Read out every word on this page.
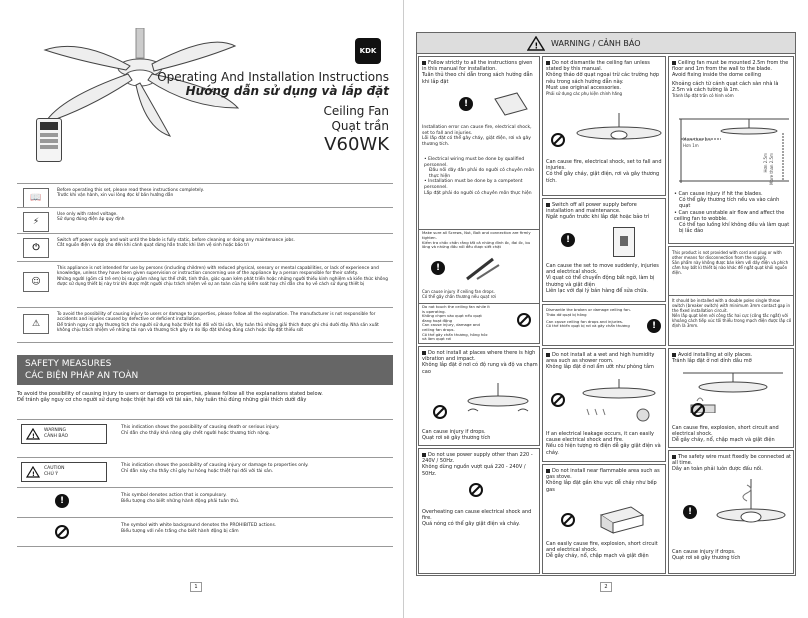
KDK
Operating And Installation Instructions
Hướng dẫn sử dụng và lắp đặt
Ceiling Fan
Quạt trần
V60WK
📖
Before operating this set, please read these instructions completely.
Trước khi vận hành, xin vui lòng đọc kĩ bản hướng dẫn
⚡
Use only with rated voltage.
Sử dụng đúng điện áp quy định
⏻
Switch off power supply and wait until the blade is fully static, before cleaning or doing any maintenance jobs.
Cắt nguồn điện và đợi cho đến khi cánh quạt dừng hẳn trước khi làm vệ sinh hoặc bảo trì
☺
This appliance is not intended for use by persons (including children) with reduced physical, sensory or mental capabilities, or lack of experience and knowledge, unless they have been given supervision or instruction concerning use of the appliance by a person responsible for their safety.
Những người (gồm cả trẻ em) bị suy giảm năng lực thể chất, tinh thần, giác quan kém phát triển hoặc những người thiếu kinh nghiệm và kiến thức không được sử dụng thiết bị này trừ khi được một người chịu trách nhiệm về sự an toàn của họ kiểm soát hay chỉ dẫn cho họ về cách sử dụng thiết bị
⚠
To avoid the possibility of causing injury to users or damage to properties, please follow all the explanation. The manufacturer is not responsible for accidents and injuries caused by defective or deficient installation.
Để tránh ngay cơ gây thương tích cho người sử dụng hoặc thiệt hại đối với tài sản, hãy tuân thủ những giải thích được ghi chú dưới đây. Nhà sản xuất không chịu trách nhiệm về những tai nạn và thương tích gây ra do lắp đặt không đúng cách hoặc lắp đặt thiếu sót
SAFETY MEASURES
CÁC BIỆN PHÁP AN TOÀN
To avoid the possibility of causing injury to users or damage to properties, please follow all the explanations stated below.
Để tránh gây nguy cơ cho người sử dụng hoặc thiệt hại đối với tài sản, hãy tuân thủ đúng những giải thích dưới đây
!
WARNING
CẢNH BÁO
This indication shows the possibility of causing death or serious injury.
Chỉ dẫn cho thấy khả năng gây chết người hoặc thương tích nặng.
!
CAUTION
CHÚ Ý
This indication shows the possibility of causing injury or damage to properties only.
Chỉ dẫn này cho thấy chỉ gây hư hỏng hoặc thiệt hại đối với tài sản.
!
This symbol denotes action that is compulsory.
Biểu tượng cho biết những hành động phải tuân thủ.
The symbol with white background denotes the PROHIBITED actions.
Biểu tượng với nền trắng cho biết hành động bị cấm
1
! WARNING / CẢNH BÁO
Follow strictly to all the instructions given in this manual for installation.
Tuân thủ theo chỉ dẫn trong sách hướng dẫn khi lắp đặt
!
Installation error can cause fire, electrical shock, set to fall and injuries.
Lỗi lắp đặt có thể gây cháy, giật điện, rơi và gây thương tích.
• Electrical wiring must be done by qualified personnel.
Đấu nối dây dẫn phải do người có chuyên môn thực hiện
• Installation must be done by a competent personnel.
Lắp đặt phải do người có chuyên môn thực hiện
Make sure all Screws, Nut, Bolt and connection are firmly tighten.
Kiểm tra chắc chắn rằng tất cả những đinh ốc, đai ốc, bu lông và những đầu nối đều được siết chặt
!
Can cause injury if ceiling fan drops.
Có thể gây chấn thương nếu quạt rơi
Do not touch the ceiling fan while it is operating.
Không chạm vào quạt nếu quạt đang hoạt động
Can cause injury, damage and ceiling fan drops.
Có thể gây chấn thương, hỏng hóc và làm quạt rơi
Do not install at places where there is high vibration and impact.
Không lắp đặt ở nơi có độ rung và độ va chạm cao
Can cause injury if drops.
Quạt rơi sẽ gây thương tích
Do not use power supply other than 220 - 240V / 50Hz.
Không dùng nguồn vượt quá 220 - 240V / 50Hz.
Overheating can cause electrical shock and fire.
Quá nóng có thể gây giật điện và cháy.
Do not dismantle the ceiling fan unless stated by this manual.
Không tháo dỡ quạt ngoại trừ các trường hợp nêu trong sách hướng dẫn này.
Must use original accessories.
Phải sử dụng các phụ kiện chính hãng
Can cause fire, electrical shock, set to fall and injuries.
Có thể gây cháy, giật điện, rơi và gây thương tích.
Switch off all power supply before installation and maintenance.
Ngắt nguồn trước khi lắp đặt hoặc bảo trì
!
Can cause the set to move suddenly, injuries and electrical shock.
Vì quạt có thể chuyển động bất ngờ, làm bị thương và giật điện
Liên lạc với đại lý bán hàng để sửa chữa.
Dismantle the broken or damage ceiling fan.
Tháo dỡ quạt bị hỏng
Can cause ceiling fan drops and injuries.
Có thể khiến quạt bị rơi và gây chấn thương	!
Do not install at a wet and high humidity area such as shower room.
Không lắp đặt ở nơi ẩm ướt như phòng tắm
If an electrical leakage occurs, it can easily cause electrical shock and fire.
Nếu có hiện tượng rò điện dễ gây giật điện và cháy.
Do not install near flammable area such as gas stove.
Không lắp đặt gần khu vực dễ cháy như bếp gas
Can easily cause fire, explosion, short circuit and electrical shock.
Dễ gây cháy, nổ, chập mạch và giật điện
Ceiling fan must be mounted 2.5m from the floor and 1m from the wall to the blade.
Avoid fixing inside the dome ceiling
Khoảng cách từ cánh quạt cách sàn nhà là 2.5m và cách tường là 1m.
Tránh lắp đặt trần có hình vòm
More than 1m
Hơn 1m
More than 2.5m
Hơn 2.5m
• Can cause injury if hit the blades.
Có thể gây thương tích nếu va vào cánh quạt
• Can cause unstable air flow and affect the ceiling fan to wobble.
Có thể tạo luồng khí không đều và làm quạt bị lắc đảo
This product is not provided with cord and plug or with other means for disconnection from the supply.
Sản phẩm này không được bán kèm với dây điện và phích cắm hay bất kì thiết bị nào khác để ngắt quạt khỏi nguồn điện.
It should be installed with a double poles single throw switch (breaker switch) with minimum 3mm contact gap in the fixed installation circuit.
Nên lắp quạt kèm với công tắc hai cực (công tắc ngắt) với khoảng cách tiếp xúc tối thiểu trong mạch điện được lắp cố định là 3mm.
Avoid installing at oily places.
Tránh lắp đặt ở nơi dính dầu mỡ
Can cause fire, explosion, short circuit and electrical shock.
Dễ gây cháy, nổ, chập mạch và giật điện
The safety wire must fixedly be connected at all time.
Dây an toàn phải luôn được đấu nối.
!
Can cause injury if drops.
Quạt rơi sẽ gây thương tích
2
